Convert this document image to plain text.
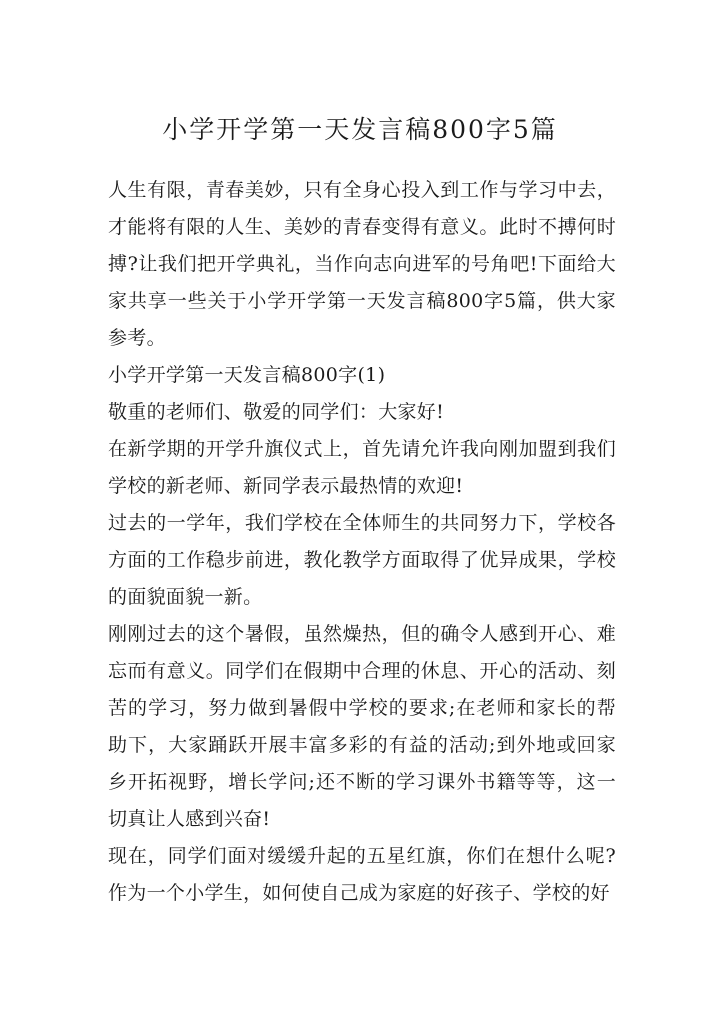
小学开学第一天发言稿800字5篇

人生有限，青春美妙，只有全身心投入到工作与学习中去，才能将有限的人生、美妙的青春变得有意义。此时不搏何时搏?让我们把开学典礼，当作向志向进军的号角吧!下面给大家共享一些关于小学开学第一天发言稿800字5篇，供大家参考。

小学开学第一天发言稿800字(1)

敬重的老师们、敬爱的同学们：大家好!

在新学期的开学升旗仪式上，首先请允许我向刚加盟到我们学校的新老师、新同学表示最热情的欢迎!

过去的一学年，我们学校在全体师生的共同努力下，学校各方面的工作稳步前进，教化教学方面取得了优异成果，学校的面貌面貌一新。

刚刚过去的这个暑假，虽然燥热，但的确令人感到开心、难忘而有意义。同学们在假期中合理的休息、开心的活动、刻苦的学习，努力做到暑假中学校的要求;在老师和家长的帮助下，大家踊跃开展丰富多彩的有益的活动;到外地或回家乡开拓视野，增长学问;还不断的学习课外书籍等等，这一切真让人感到兴奋!

现在，同学们面对缓缓升起的五星红旗，你们在想什么呢?作为一个小学生，如何使自己成为家庭的好孩子、学校的好
